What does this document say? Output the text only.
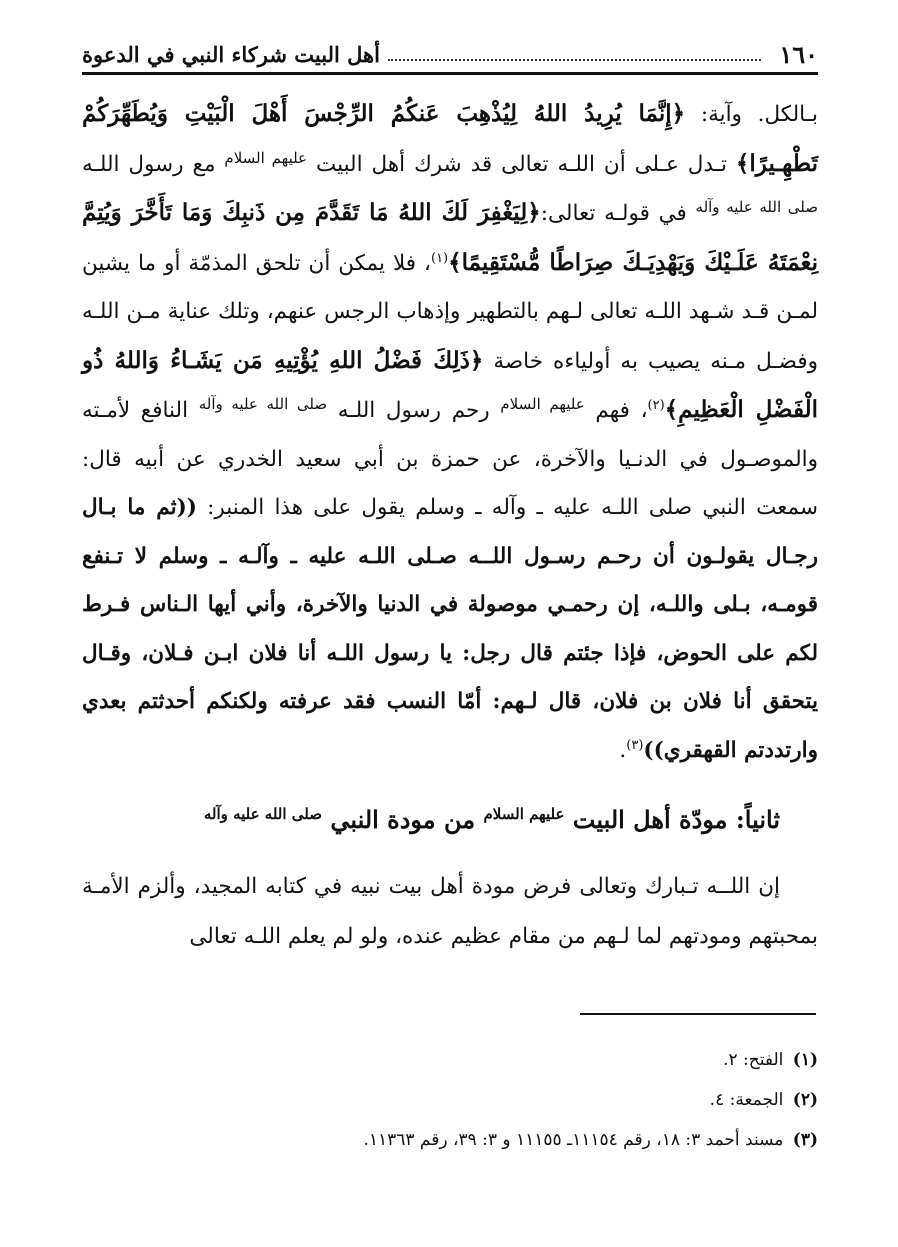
١٦٠
أهل البيت شركاء النبي في الدعوة

بـالكل. وآية: ﴿إِنَّمَا يُرِيدُ اللهُ لِيُذْهِبَ عَنكُمُ الرِّجْسَ أَهْلَ الْبَيْتِ وَيُطَهِّرَكُمْ تَطْهِـيرًا﴾ تـدل عـلى أن اللـه تعالى قد شرك أهل البيت $^{عليهم السلام}$ مع رسول اللـه $^{صلى الله عليه وآله}$ في قولـه تعالى:﴿لِيَغْفِرَ لَكَ اللهُ مَا تَقَدَّمَ مِن ذَنبِكَ وَمَا تَأَخَّرَ وَيُتِمَّ نِعْمَتَهُ عَلَـيْكَ وَيَهْدِيَـكَ صِرَاطًا مُّسْتَقِيمًا﴾$^{(١)}$، فلا يمكن أن تلحق المذمّة أو ما يشين لمـن قـد شـهد اللـه تعالى لـهم بالتطهير وإذهاب الرجس عنهم، وتلك عناية مـن اللـه وفضـل مـنه يصيب به أولياءه خاصة ﴿ذَلِكَ فَضْلُ اللهِ يُؤْتِيهِ مَن يَشَـاءُ وَاللهُ ذُو الْفَضْلِ الْعَظِيمِ﴾$^{(٢)}$، فهم $^{عليهم السلام}$ رحم رسول اللـه $^{صلى الله عليه وآله}$ النافع لأمـته والموصـول في الدنـيا والآخرة، عن حمزة بن أبي سعيد الخدري عن أبيه قال: سمعت النبي صلى اللـه عليه ـ وآله ـ وسلم يقول على هذا المنبر: ((ثم ما بـال رجـال يقولـون أن رحـم رسـول اللــه صـلى اللـه عليه ـ وآلـه ـ وسلم لا تـنفع قومـه، بـلى واللـه، إن رحمـي موصولة في الدنيا والآخرة، وأني أيها الـناس فـرط لكم على الحوض، فإذا جئتم قال رجل: يا رسول اللـه أنا فلان ابـن فـلان، وقـال يتحقق أنا فلان بن فلان، قال لـهم: أمّا النسب فقد عرفته ولكنكم أحدثتم بعدي وارتددتم القهقري))$^{(٣)}$.

ثانياً: مودّة أهل البيت $^{عليهم السلام}$ من مودة النبي $^{صلى الله عليه وآله}$

إن اللــه تـبارك وتعالى فرض مودة أهل بيت نبيه في كتابه المجيد، وألزم الأمـة بمحبتهم ومودتهم لما لـهم من مقام عظيم عنده، ولو لم يعلم اللـه تعالى

(١) الفتح: ٢.
(٢) الجمعة: ٤.
(٣) مسند أحمد ٣: ١٨، رقم ١١١٥٤ـ ١١١٥٥ و ٣: ٣٩، رقم ١١٣٦٣.
